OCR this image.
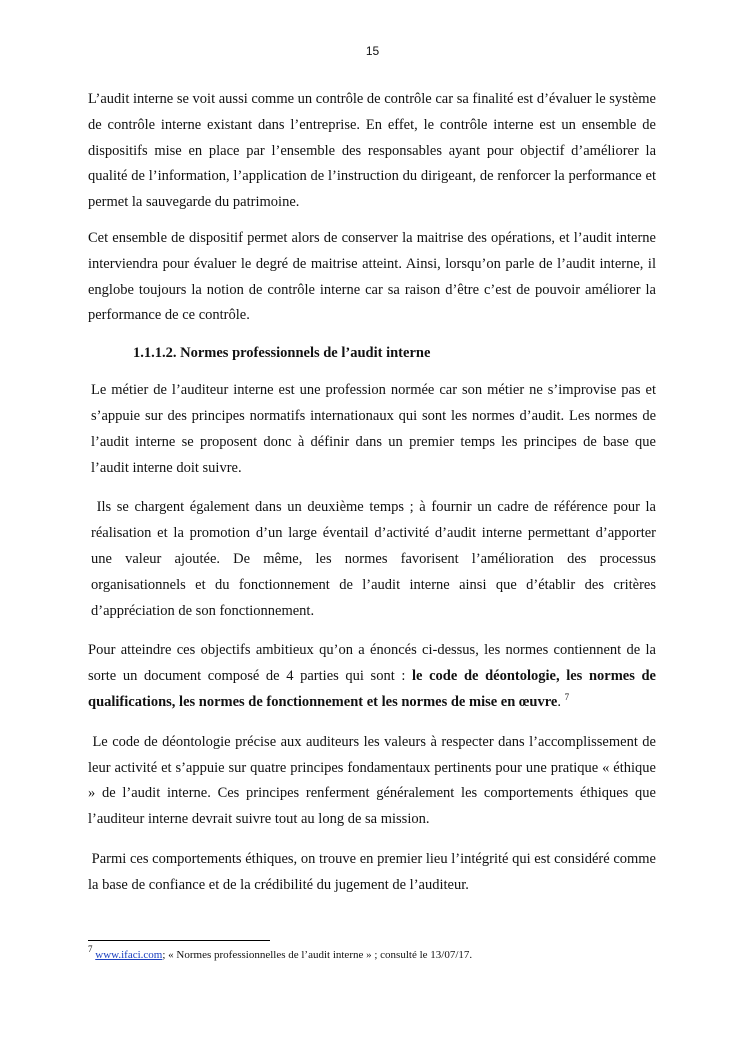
15

L’audit interne se voit aussi comme un contrôle de contrôle car sa finalité est d’évaluer le système de contrôle interne existant dans l’entreprise. En effet, le contrôle interne est un ensemble de dispositifs mise en place par l’ensemble des responsables ayant pour objectif d’améliorer la qualité de l’information, l’application de l’instruction du dirigeant, de renforcer la performance et permet la sauvegarde du patrimoine.

Cet ensemble de dispositif permet alors de conserver la maitrise des opérations, et l’audit interne interviendra pour évaluer le degré de maitrise atteint. Ainsi, lorsqu’on parle de l’audit interne, il englobe toujours la notion de contrôle interne car sa raison d’être c’est de pouvoir améliorer la performance de ce contrôle.

1.1.1.2. Normes professionnels de l’audit interne

Le métier de l’auditeur interne est une profession normée car son métier ne s’improvise pas et s’appuie sur des principes normatifs internationaux qui sont les normes d’audit. Les normes de l’audit interne se proposent donc à définir dans un premier temps les principes de base que l’audit interne doit suivre.

Ils se chargent également dans un deuxième temps ; à fournir un cadre de référence pour la réalisation et la promotion d’un large éventail d’activité d’audit interne permettant d’apporter une valeur ajoutée. De même, les normes favorisent l’amélioration des processus organisationnels et du fonctionnement de l’audit interne ainsi que d’établir des critères d’appréciation de son fonctionnement.

Pour atteindre ces objectifs ambitieux qu’on a énoncés ci-dessus, les normes contiennent de la sorte un document composé de 4 parties qui sont : le code de déontologie, les normes de qualifications, les normes de fonctionnement et les normes de mise en œuvre. $^7$

Le code de déontologie précise aux auditeurs les valeurs à respecter dans l’accomplissement de leur activité et s’appuie sur quatre principes fondamentaux pertinents pour une pratique « éthique » de l’audit interne. Ces principes renferment généralement les comportements éthiques que l’auditeur interne devrait suivre tout au long de sa mission.

Parmi ces comportements éthiques, on trouve en premier lieu l’intégrité qui est considéré comme la base de confiance et de la crédibilité du jugement de l’auditeur.

$^7$ www.ifaci.com; « Normes professionnelles de l’audit interne » ; consulté le 13/07/17.
